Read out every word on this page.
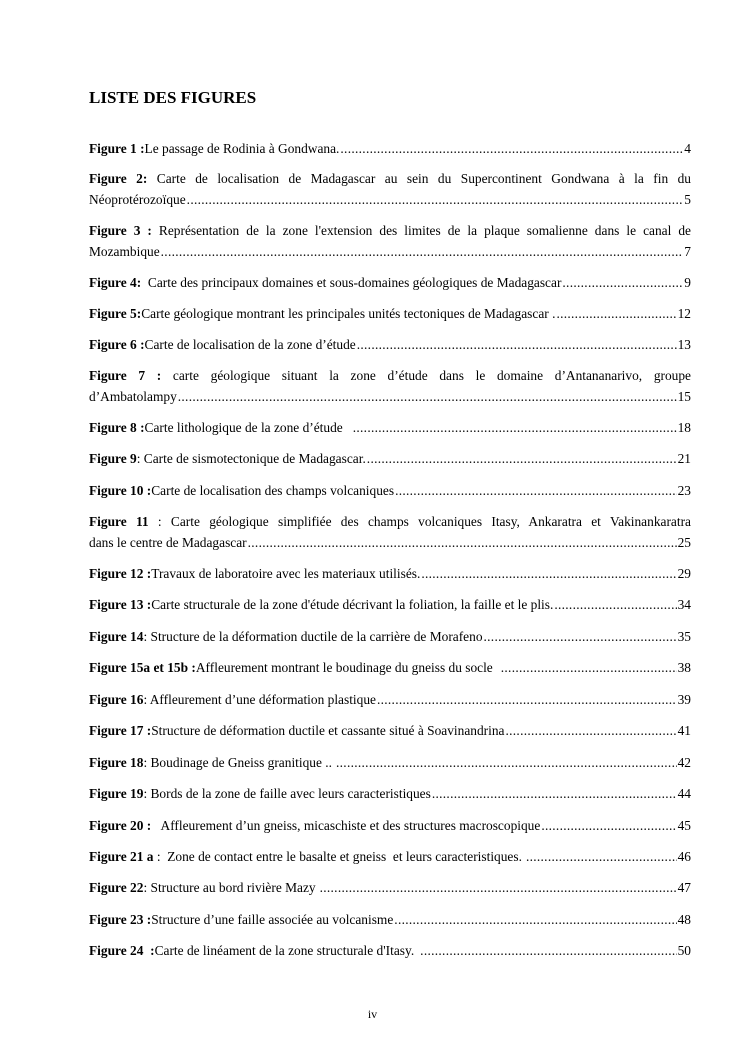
LISTE DES FIGURES
Figure 1 : Le passage de Rodinia à Gondwana. .....	4
Figure 2: Carte de localisation de Madagascar au sein du Supercontinent Gondwana à la fin du
Néoprotérozoïque .....	5
Figure 3 : Représentation de la zone l'extension des limites de la plaque somalienne dans le canal de
Mozambique .....	7
Figure 4: Carte des principaux domaines et sous-domaines géologiques de Madagascar .....	9
Figure 5: Carte géologique montrant les principales unités tectoniques de Madagascar . .....	12
Figure 6 : Carte de localisation de la zone d’étude .....	13
Figure 7 : carte géologique situant la zone d’étude dans le domaine d’Antananarivo, groupe
d’Ambatolampy .....	15
Figure 8 : Carte lithologique de la zone d’étude .....	18
Figure 9 : Carte de sismotectonique de Madagascar. .....	21
Figure 10 : Carte de localisation des champs volcaniques .....	23
Figure 11 : Carte géologique simplifiée des champs volcaniques Itasy, Ankaratra et Vakinankaratra
dans le centre de Madagascar .....	25
Figure 12 : Travaux de laboratoire avec les materiaux utilisés. .....	29
Figure 13 : Carte structurale de la zone d'étude décrivant la foliation, la faille et le plis. .....	34
Figure 14 : Structure de la déformation ductile de la carrière de Morafeno .....	35
Figure 15a et 15b : Affleurement montrant le boudinage du gneiss du socle .....	38
Figure 16 : Affleurement d’une déformation plastique .....	39
Figure 17 : Structure de déformation ductile et cassante situé à Soavinandrina .....	41
Figure 18 : Boudinage de Gneiss granitique .. .....	42
Figure 19 : Bords de la zone de faille avec leurs caracteristiques .....	44
Figure 20 : Affleurement d’un gneiss, micaschiste et des structures macroscopique .....	45
Figure 21 a :  Zone de contact entre le basalte et gneiss  et leurs caracteristiques. .....	46
Figure 22 : Structure au bord rivière Mazy .....	47
Figure 23 : Structure d’une faille associée au volcanisme .....	48
Figure 24  : Carte de linéament de la zone structurale d'Itasy. .....	50
iv
